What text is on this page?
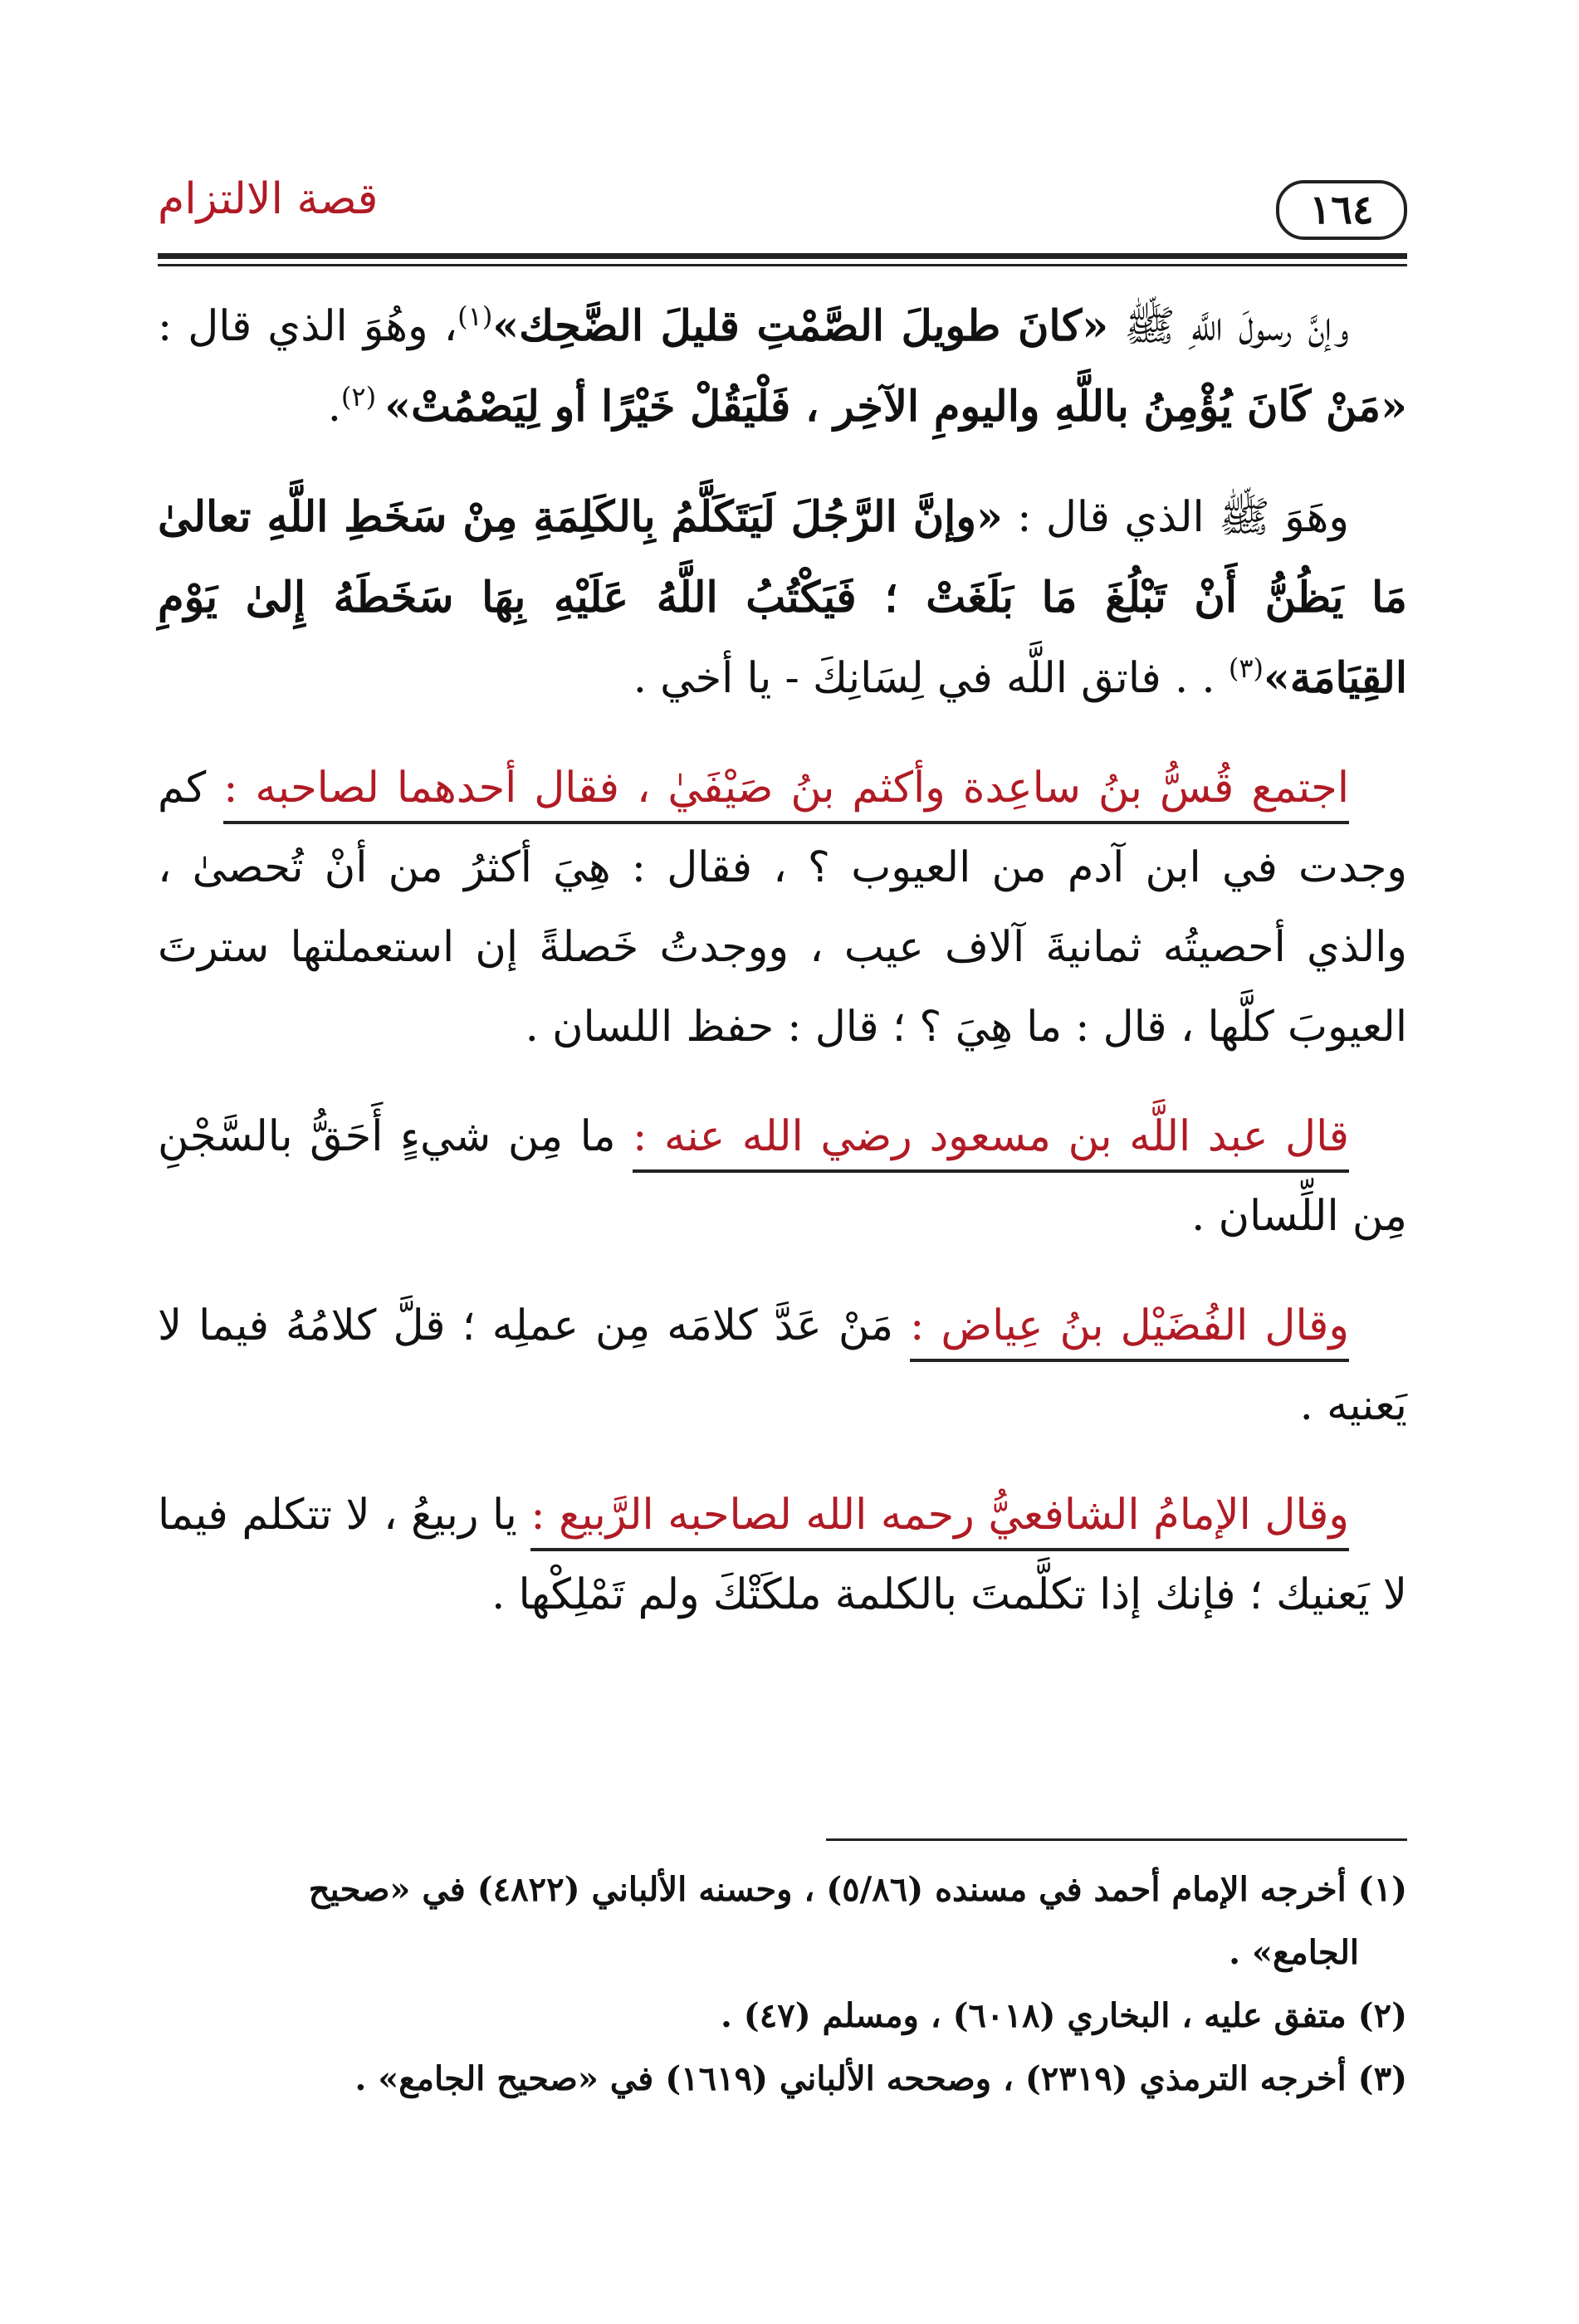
قصة الالتزام	١٦٤

وإنَّ رسولَ اللَّهِ ﷺ «كانَ طويلَ الصَّمْتِ قليلَ الضَّحِك»$^{(١)}$، وهُوَ الذي قال : «مَنْ كَانَ يُؤْمِنُ باللَّهِ واليومِ الآخِر ، فَلْيَقُلْ خَيْرًا أو لِيَصْمُتْ» $^{(٢)}$.

وهَوَ ﷺ الذي قال : «وإنَّ الرَّجُلَ لَيَتَكَلَّمُ بِالكَلِمَةِ مِنْ سَخَطِ اللَّهِ تعالىٰ مَا يَظُنُّ أَنْ تَبْلُغَ مَا بَلَغَتْ ؛ فَيَكْتُبُ اللَّهُ عَلَيْهِ بِهَا سَخَطَهُ إِلىٰ يَوْمِ القِيَامَة»$^{(٣)}$ . . فاتق اللَّه في لِسَانِكَ - يا أخي .

اجتمع قُسُّ بنُ ساعِدة وأكثم بنُ صَيْفَيٰ ، فقال أحدهما لصاحبه : كم وجدت في ابن آدم من العيوب ؟ ، فقال : هِيَ أكثرُ من أنْ تُحصىٰ ، والذي أحصيتُه ثمانيةَ آلاف عيب ، ووجدتُ خَصلةً إن استعملتها سترتَ العيوبَ كلَّها ، قال : ما هِيَ ؟ ؛ قال : حفظ اللسان .

قال عبد اللَّه بن مسعود رضي الله عنه : ما مِن شيءٍ أَحَقُّ بالسَّجْنِ مِن اللِّسان .

وقال الفُضَيْل بنُ عِياض : مَنْ عَدَّ كلامَه مِن عملِه ؛ قلَّ كلامُهُ فيما لا يَعنيه .

وقال الإمامُ الشافعيُّ رحمه الله لصاحبه الرَّبيع : يا ربيعُ ، لا تتكلم فيما لا يَعنيك ؛ فإنك إذا تكلَّمتَ بالكلمة ملكَتْكَ ولم تَمْلِكْها .

(١) أخرجه الإمام أحمد في مسنده (٥/٨٦) ، وحسنه الألباني (٤٨٢٢) في «صحيح
الجامع» .
(٢) متفق عليه ، البخاري (٦٠١٨) ، ومسلم (٤٧) .
(٣) أخرجه الترمذي (٢٣١٩) ، وصححه الألباني (١٦١٩) في «صحيح الجامع» .
